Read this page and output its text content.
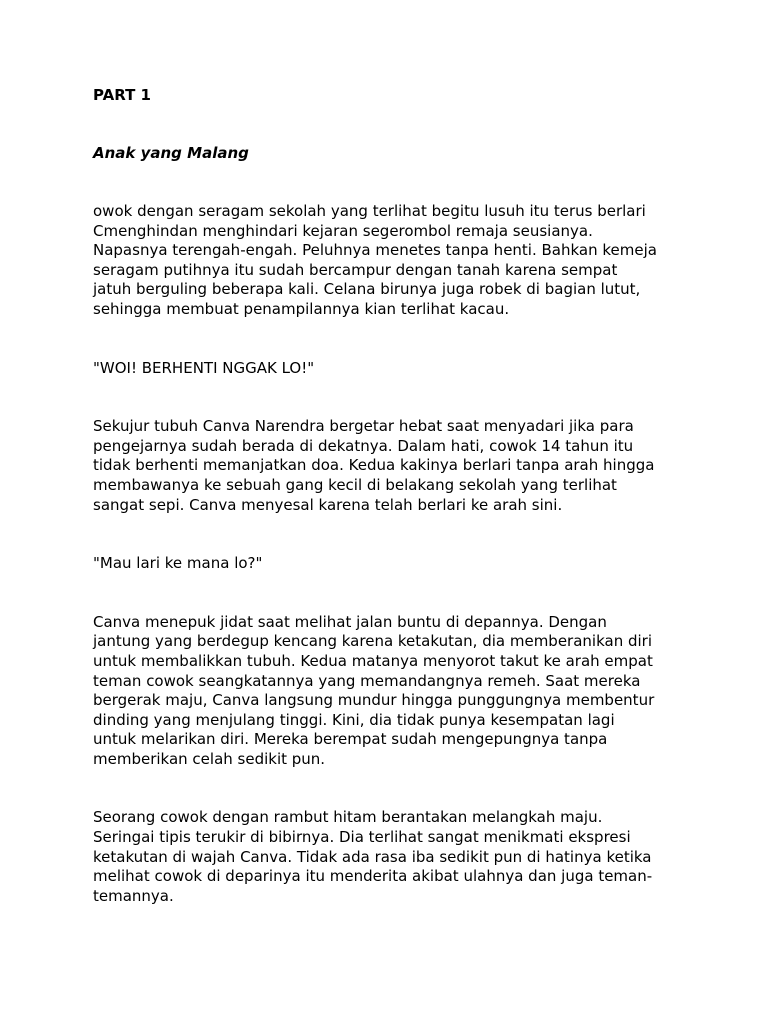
PART 1

Anak yang Malang

owok dengan seragam sekolah yang terlihat begitu lusuh itu terus berlari
Cmenghindan menghindari kejaran segerombol remaja seusianya.
Napasnya terengah-engah. Peluhnya menetes tanpa henti. Bahkan kemeja
seragam putihnya itu sudah bercampur dengan tanah karena sempat
jatuh berguling beberapa kali. Celana birunya juga robek di bagian lutut,
sehingga membuat penampilannya kian terlihat kacau.

"WOI! BERHENTI NGGAK LO!"

Sekujur tubuh Canva Narendra bergetar hebat saat menyadari jika para
pengejarnya sudah berada di dekatnya. Dalam hati, cowok 14 tahun itu
tidak berhenti memanjatkan doa. Kedua kakinya berlari tanpa arah hingga
membawanya ke sebuah gang kecil di belakang sekolah yang terlihat
sangat sepi. Canva menyesal karena telah berlari ke arah sini.

"Mau lari ke mana lo?"

Canva menepuk jidat saat melihat jalan buntu di depannya. Dengan
jantung yang berdegup kencang karena ketakutan, dia memberanikan diri
untuk membalikkan tubuh. Kedua matanya menyorot takut ke arah empat
teman cowok seangkatannya yang memandangnya remeh. Saat mereka
bergerak maju, Canva langsung mundur hingga punggungnya membentur
dinding yang menjulang tinggi. Kini, dia tidak punya kesempatan lagi
untuk melarikan diri. Mereka berempat sudah mengepungnya tanpa
memberikan celah sedikit pun.

Seorang cowok dengan rambut hitam berantakan melangkah maju.
Seringai tipis terukir di bibirnya. Dia terlihat sangat menikmati ekspresi
ketakutan di wajah Canva. Tidak ada rasa iba sedikit pun di hatinya ketika
melihat cowok di deparinya itu menderita akibat ulahnya dan juga teman-
temannya.
